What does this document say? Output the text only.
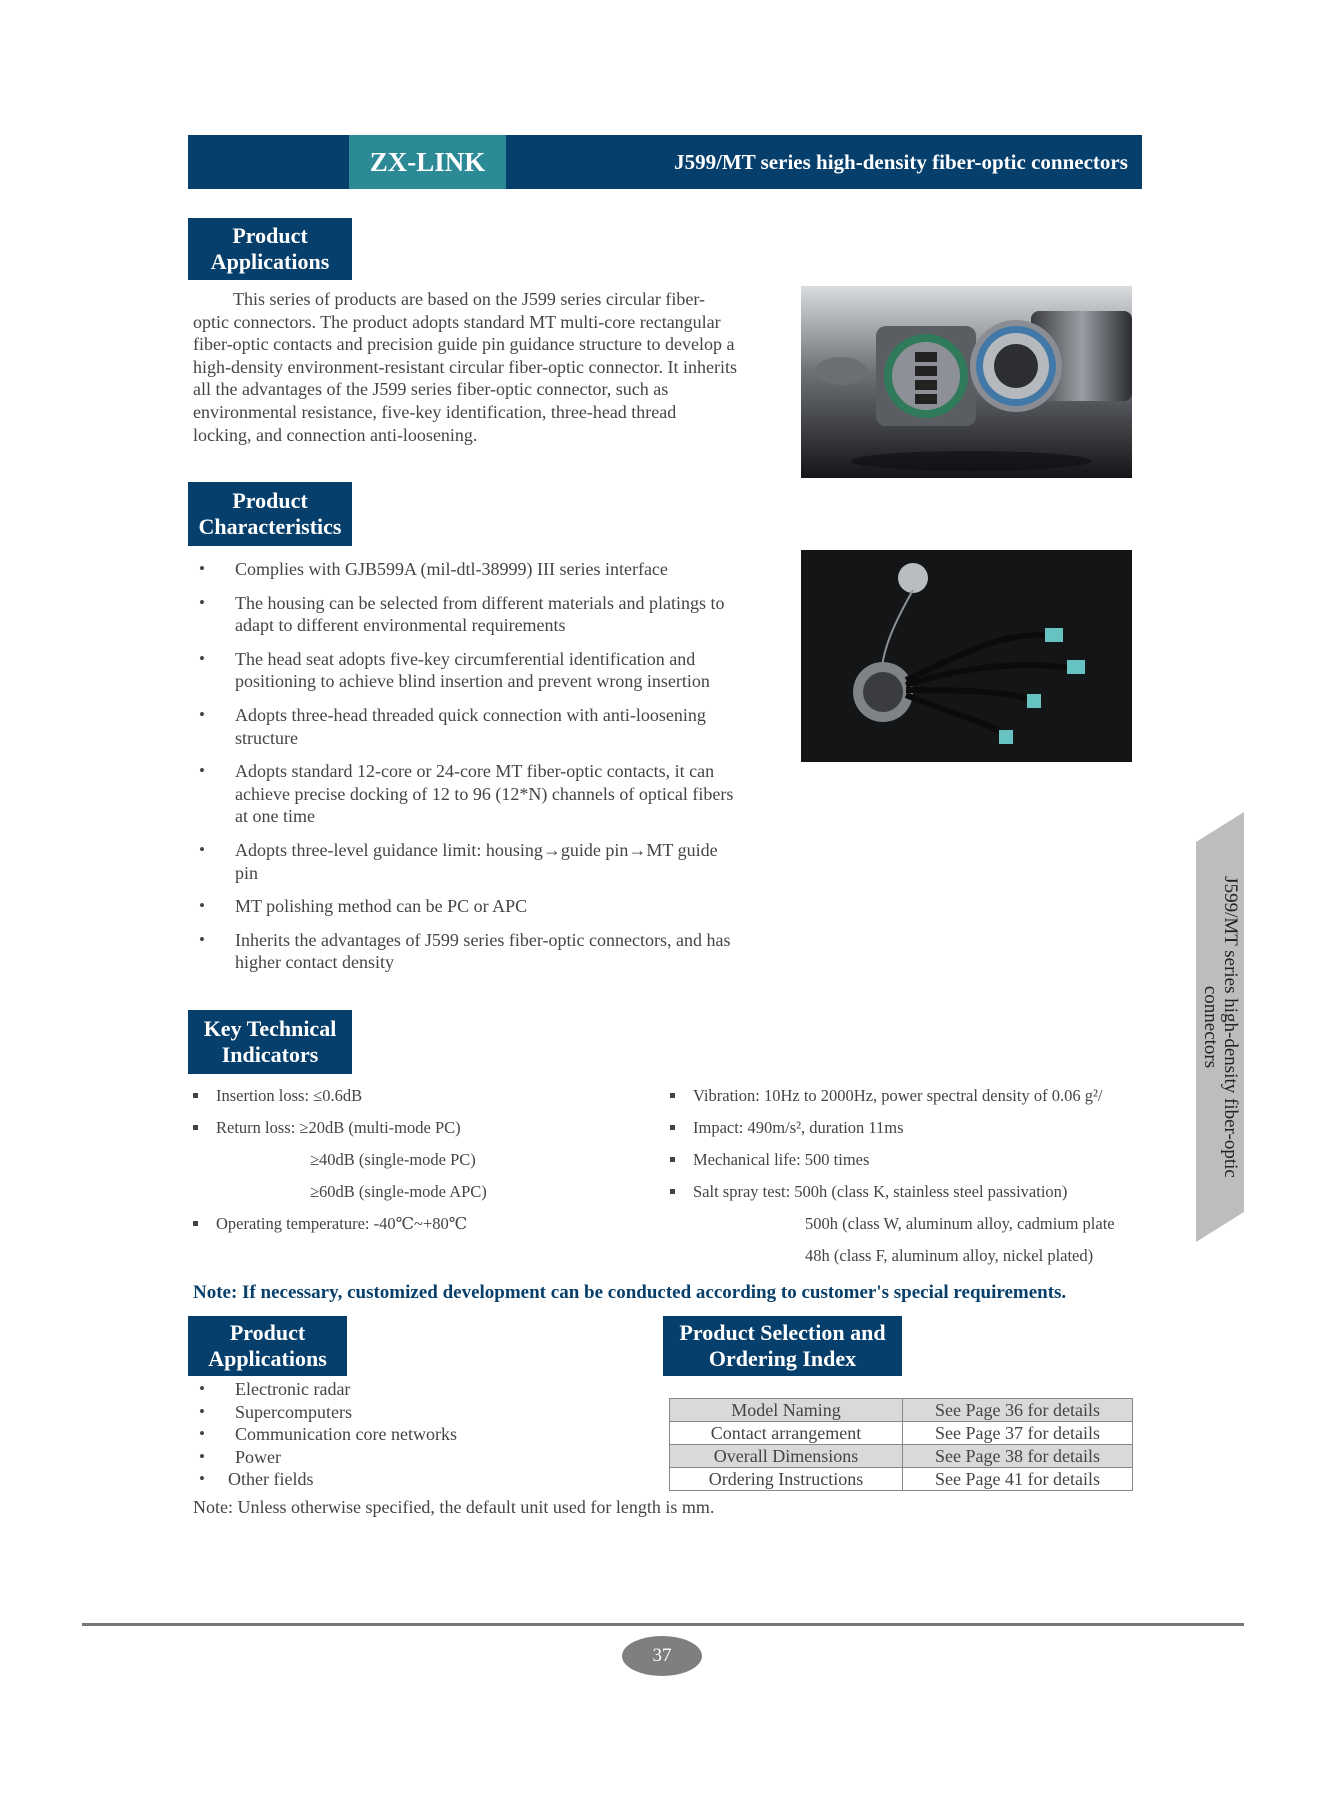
ZX-LINK	J599/MT series high-density fiber-optic connectors
Product Applications
This series of products are based on the J599 series circular fiber-optic connectors. The product adopts standard MT multi-core rectangular fiber-optic contacts and precision guide pin guidance structure to develop a high-density environment-resistant circular fiber-optic connector. It inherits all the advantages of the J599 series fiber-optic connector, such as environmental resistance, five-key identification, three-head thread locking, and connection anti-loosening.
Product Characteristics
• Complies with GJB599A (mil-dtl-38999) III series interface
• The housing can be selected from different materials and platings to adapt to different environmental requirements
• The head seat adopts five-key circumferential identification and positioning to achieve blind insertion and prevent wrong insertion
• Adopts three-head threaded quick connection with anti-loosening structure
• Adopts standard 12-core or 24-core MT fiber-optic contacts, it can achieve precise docking of 12 to 96 (12*N) channels of optical fibers at one time
• Adopts three-level guidance limit: housing→guide pin→MT guide pin
• MT polishing method can be PC or APC
• Inherits the advantages of J599 series fiber-optic connectors, and has higher contact density
Key Technical Indicators
Insertion loss: ≤0.6dB
Return loss: ≥20dB (multi-mode PC)
≥40dB (single-mode PC)
≥60dB (single-mode APC)
Operating temperature: -40℃~+80℃
Vibration: 10Hz to 2000Hz, power spectral density of 0.06 g²/
Impact: 490m/s², duration 11ms
Mechanical life: 500 times
Salt spray test: 500h (class K, stainless steel passivation)
500h (class W, aluminum alloy, cadmium plate
48h (class F, aluminum alloy, nickel plated)
Note: If necessary, customized development can be conducted according to customer's special requirements.
Product Applications
• Electronic radar
• Supercomputers
• Communication core networks
• Power
• Other fields
Product Selection and Ordering Index
Model Naming	See Page 36 for details
Contact arrangement	See Page 37 for details
Overall Dimensions	See Page 38 for details
Ordering Instructions	See Page 41 for details
Note: Unless otherwise specified, the default unit used for length is mm.
J599/MT series high-density fiber-optic connectors
37
